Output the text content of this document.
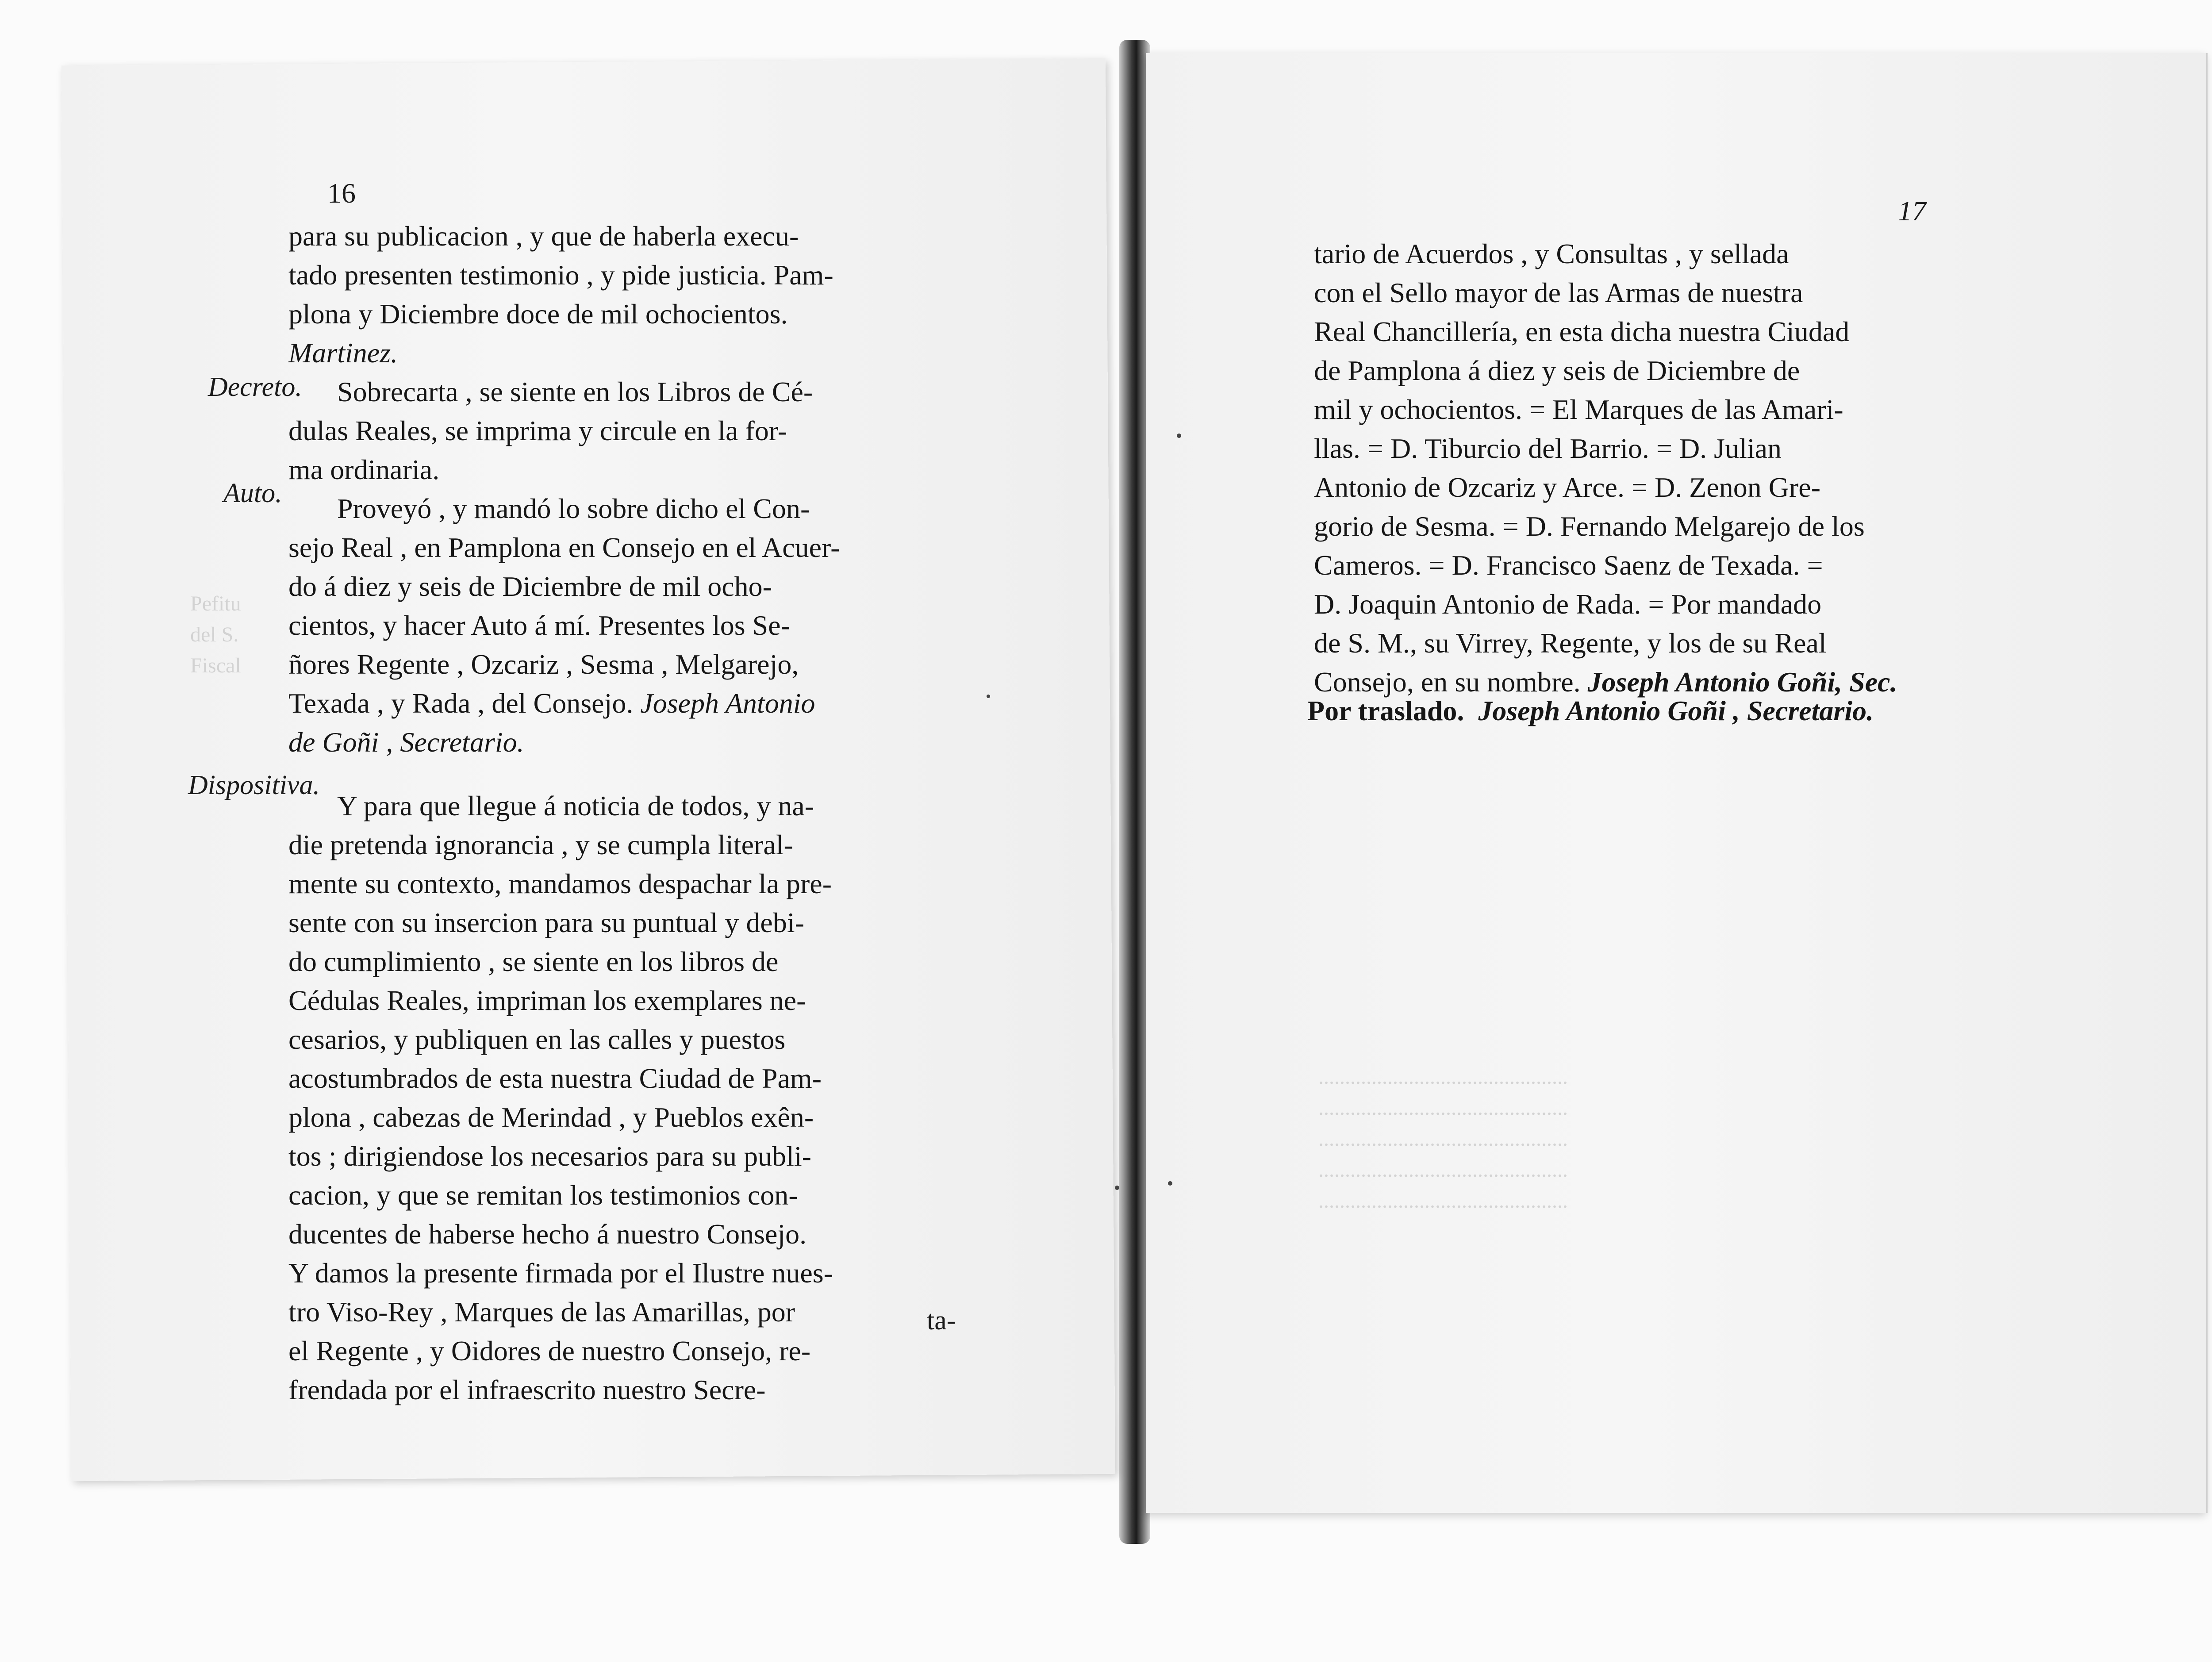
Pefitu
del S.
Fiscal
16
Decreto.
Auto.
Dispositiva.
para su publicacion , y que de haberla execu-
tado presenten testimonio , y pide justicia. Pam-
plona y Diciembre doce de mil ochocientos.
Martinez.
Sobrecarta , se siente en los Libros de Cé-
dulas Reales, se imprima y circule en la for-
ma ordinaria.
Proveyó , y mandó lo sobre dicho el Con-
sejo Real , en Pamplona en Consejo en el Acuer-
do á diez y seis de Diciembre de mil ocho-
cientos, y hacer Auto á mí. Presentes los Se-
ñores Regente , Ozcariz , Sesma , Melgarejo,
Texada , y Rada , del Consejo. Joseph Antonio
de Goñi , Secretario.
Y para que llegue á noticia de todos, y na-
die pretenda ignorancia , y se cumpla literal-
mente su contexto, mandamos despachar la pre-
sente con su insercion para su puntual y debi-
do cumplimiento , se siente en los libros de
Cédulas Reales, impriman los exemplares ne-
cesarios, y publiquen en las calles y puestos
acostumbrados de esta nuestra Ciudad de Pam-
plona , cabezas de Merindad , y Pueblos exên-
tos ; dirigiendose los necesarios para su publi-
cacion, y que se remitan los testimonios con-
ducentes de haberse hecho á nuestro Consejo.
Y damos la presente firmada por el Ilustre nues-
tro Viso-Rey , Marques de las Amarillas, por
el Regente , y Oidores de nuestro Consejo, re-
frendada por el infraescrito nuestro Secre-
ta-
...............................................
...............................................
...............................................
...............................................
...............................................
17
tario de Acuerdos , y Consultas , y sellada
con el Sello mayor de las Armas de nuestra
Real Chancillería, en esta dicha nuestra Ciudad
de Pamplona á diez y seis de Diciembre de
mil y ochocientos. = El Marques de las Amari-
llas. = D. Tiburcio del Barrio. = D. Julian
Antonio de Ozcariz y Arce. = D. Zenon Gre-
gorio de Sesma. = D. Fernando Melgarejo de los
Cameros. = D. Francisco Saenz de Texada. =
D. Joaquin Antonio de Rada. = Por mandado
de S. M., su Virrey, Regente, y los de su Real
Consejo, en su nombre. Joseph Antonio Goñi, Sec.
Por traslado. Joseph Antonio Goñi , Secretario.
